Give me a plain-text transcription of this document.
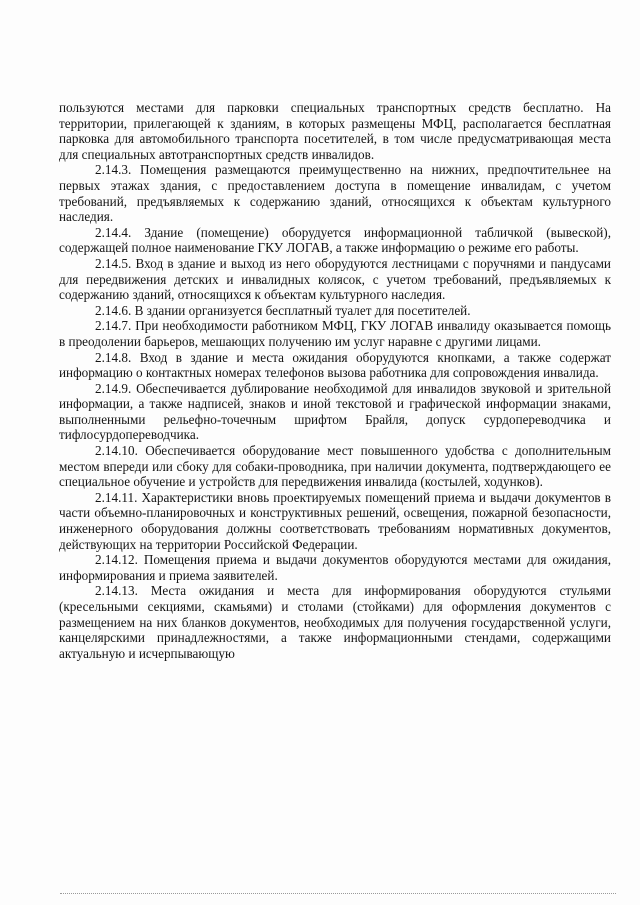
пользуются местами для парковки специальных транспортных средств бесплатно. На территории, прилегающей к зданиям, в которых размещены МФЦ, располагается бесплатная парковка для автомобильного транспорта посетителей, в том числе предусматривающая места для специальных автотранспортных средств инвалидов.

2.14.3. Помещения размещаются преимущественно на нижних, предпочтительнее на первых этажах здания, с предоставлением доступа в помещение инвалидам, с учетом требований, предъявляемых к содержанию зданий, относящихся к объектам культурного наследия.

2.14.4. Здание (помещение) оборудуется информационной табличкой (вывеской), содержащей полное наименование ГКУ ЛОГАВ, а также информацию о режиме его работы.

2.14.5. Вход в здание и выход из него оборудуются лестницами с поручнями и пандусами для передвижения детских и инвалидных колясок, с учетом требований, предъявляемых к содержанию зданий, относящихся к объектам культурного наследия.

2.14.6. В здании организуется бесплатный туалет для посетителей.

2.14.7. При необходимости работником МФЦ, ГКУ ЛОГАВ инвалиду оказывается помощь в преодолении барьеров, мешающих получению им услуг наравне с другими лицами.

2.14.8. Вход в здание и места ожидания оборудуются кнопками, а также содержат информацию о контактных номерах телефонов вызова работника для сопровождения инвалида.

2.14.9. Обеспечивается дублирование необходимой для инвалидов звуковой и зрительной информации, а также надписей, знаков и иной текстовой и графической информации знаками, выполненными рельефно-точечным шрифтом Брайля, допуск сурдопереводчика и тифлосурдопереводчика.

2.14.10. Обеспечивается оборудование мест повышенного удобства с дополнительным местом впереди или сбоку для собаки-проводника, при наличии документа, подтверждающего ее специальное обучение и устройств для передвижения инвалида (костылей, ходунков).

2.14.11. Характеристики вновь проектируемых помещений приема и выдачи документов в части объемно-планировочных и конструктивных решений, освещения, пожарной безопасности, инженерного оборудования должны соответствовать требованиям нормативных документов, действующих на территории Российской Федерации.

2.14.12. Помещения приема и выдачи документов оборудуются местами для ожидания, информирования и приема заявителей.

2.14.13. Места ожидания и места для информирования оборудуются стульями (кресельными секциями, скамьями) и столами (стойками) для оформления документов с размещением на них бланков документов, необходимых для получения государственной услуги, канцелярскими принадлежностями, а также информационными стендами, содержащими актуальную и исчерпывающую
